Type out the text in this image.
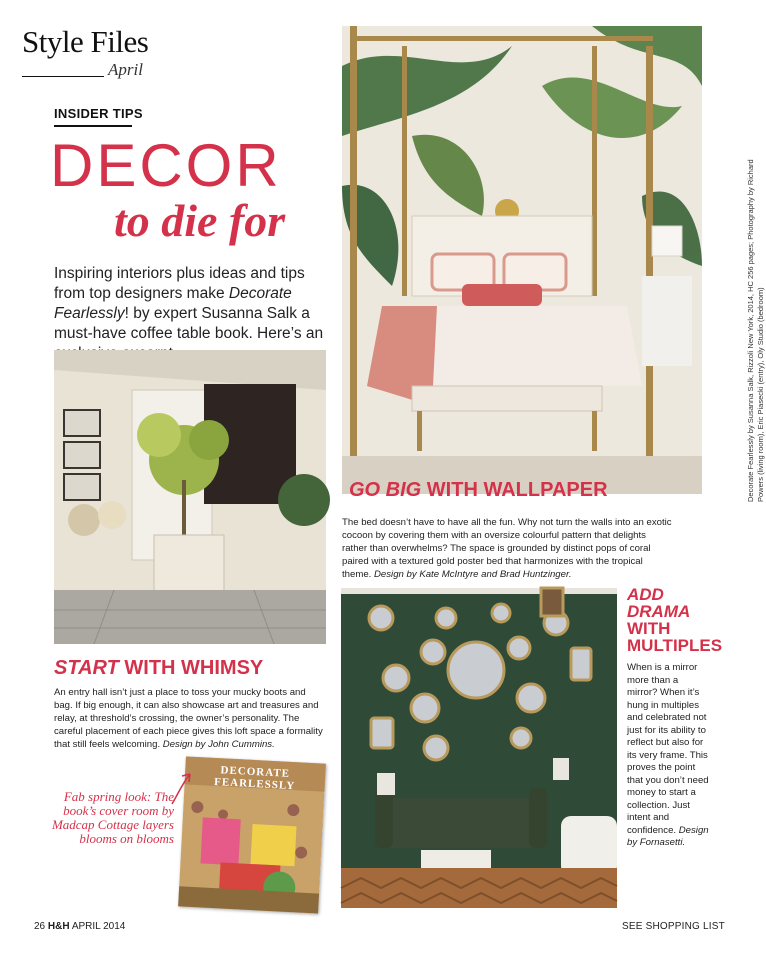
Style Files
April
INSIDER TIPS
DECOR
to die for
Inspiring interiors plus ideas and tips from top designers make Decorate Fearlessly! by expert Susanna Salk a must-have coffee table book. Here’s an	Decorate Fearlessly by Susanna Salk, Rizzoli New York, 2014, HC 256 pages; Photography by Richard Powers (living room), Eric Piasecki (entry), Oly Studio (bedroom)
GO BIG WITH WALLPAPER
The bed doesn’t have to have all the fun. Why not turn the walls into an exotic cocoon by covering them with an oversize colourful pattern that delights rather than overwhelms? The space is grounded by distinct pops of coral paired with a textured gold poster bed that harmonizes with the tropical theme. Design by Kate McIntyre and Brad Huntzinger.
ADD
DRAMA
WITH
MULTIPLES
When is a mirror more than a mirror? When it’s hung in multiples and celebrated not just for its ability to reflect but also for its very frame. This proves the point that you don’t need money to start a collection. Just intent and confidence. Design by Fornasetti.
START WITH WHIMSY
An entry hall isn’t just a place to toss your mucky boots and bag. If big enough, it can also showcase art and treasures and relay, at threshold’s crossing, the owner’s personality. The careful placement of each piece gives this loft space a formality that still feels welcoming. Design by John Cummins.
DECORATE FEARLESSLY
Fab spring look: The book’s cover room by Madcap Cottage layers blooms on blooms
26 H&H APRIL 2014	SEE SHOPPING LIST
